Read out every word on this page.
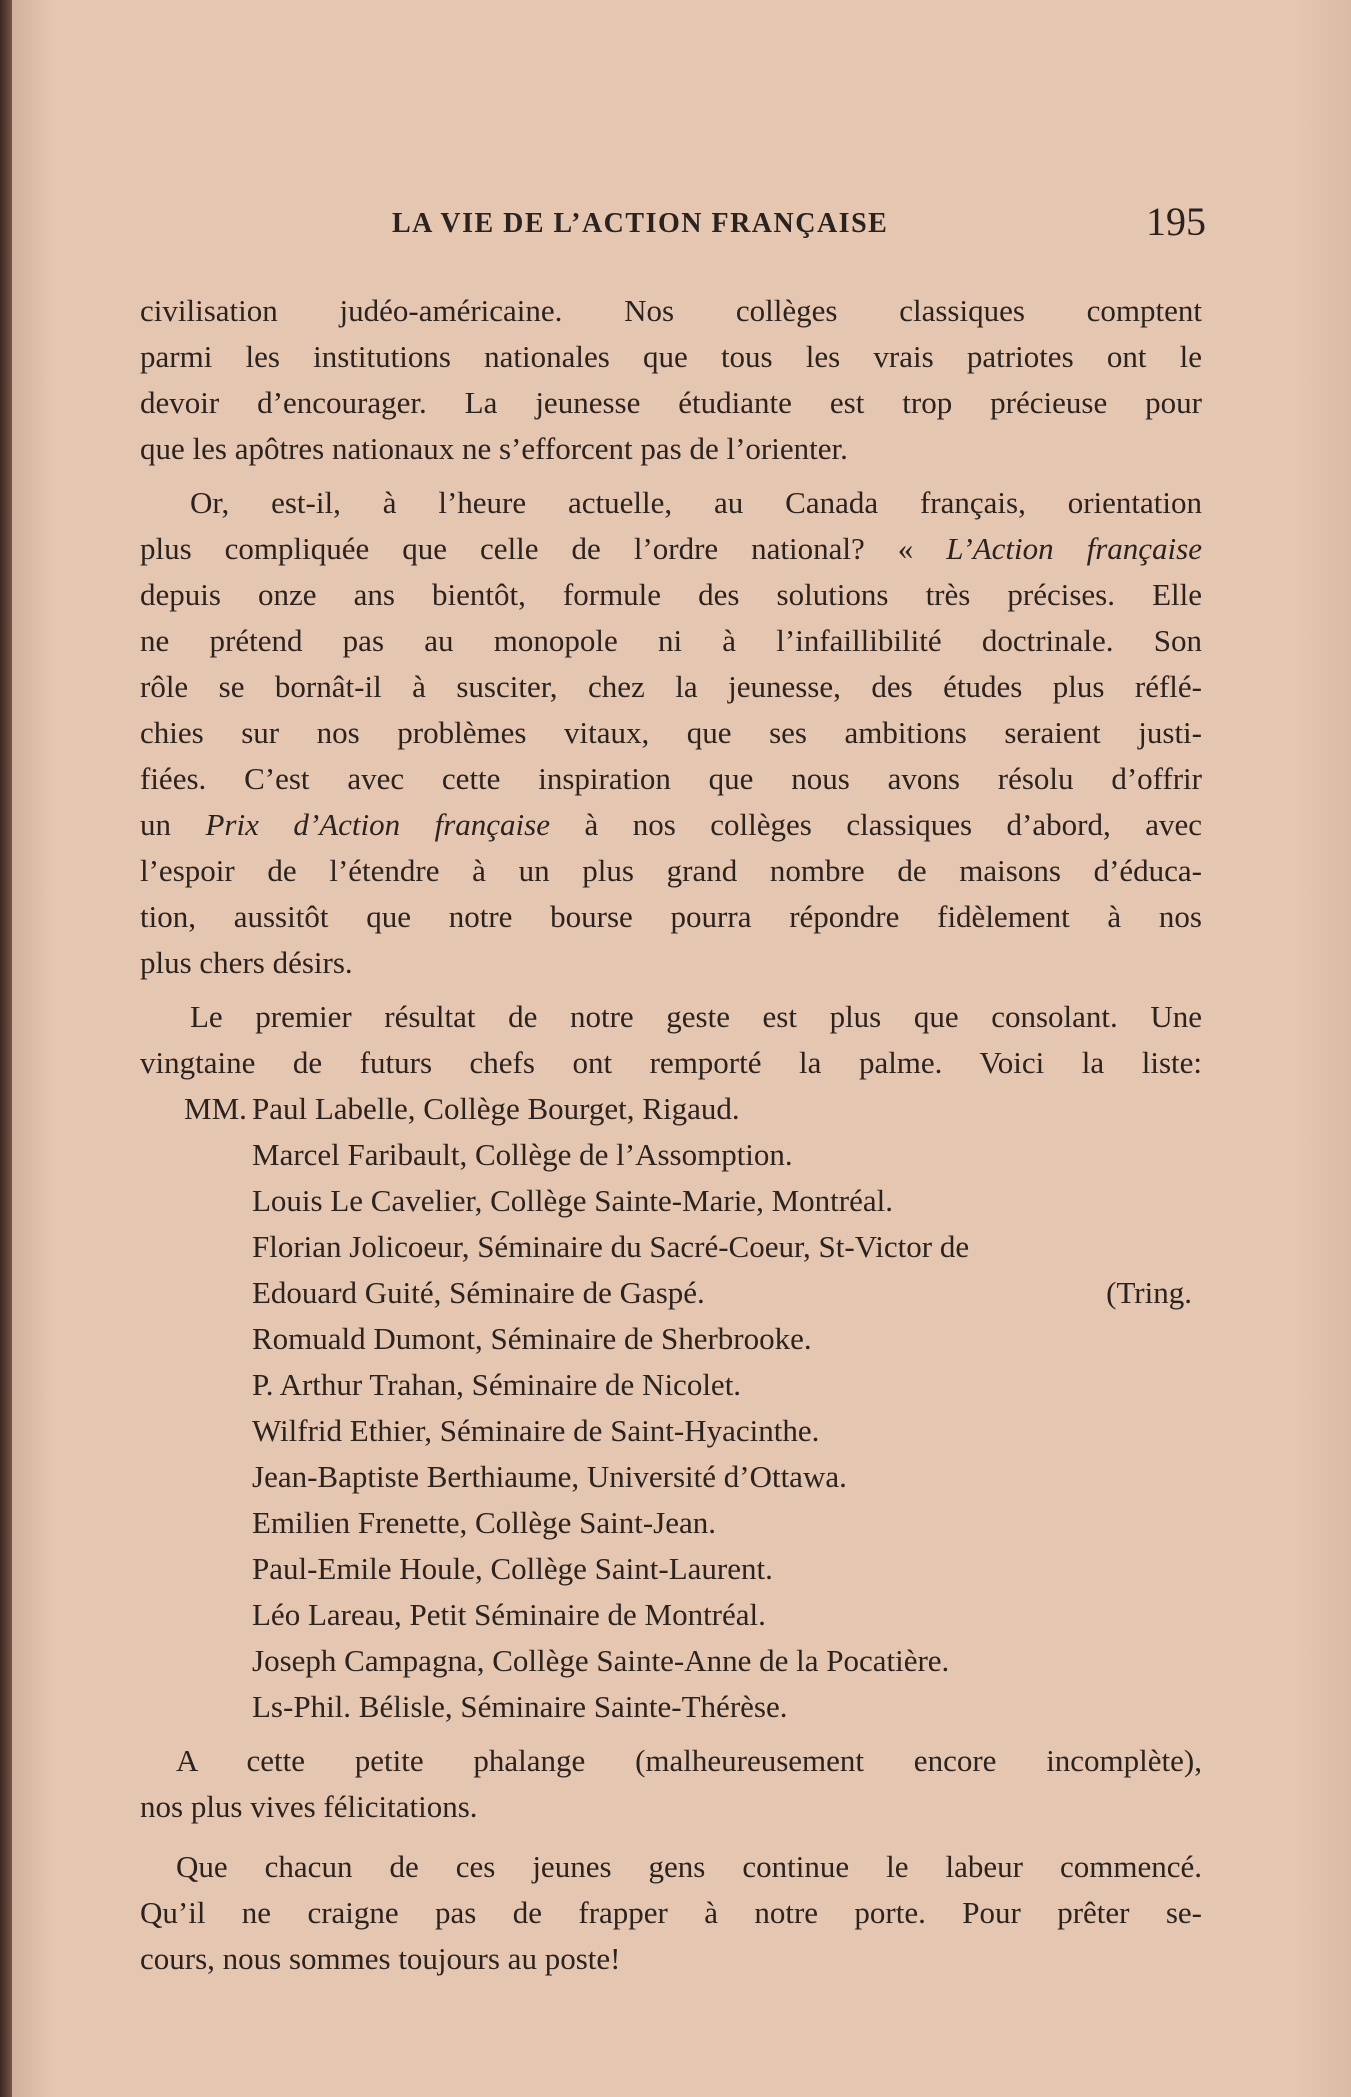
LA VIE DE L’ACTION FRANÇAISE	195
civilisation judéo-américaine. Nos collèges classiques comptent
parmi les institutions nationales que tous les vrais patriotes ont le
devoir d’encourager. La jeunesse étudiante est trop précieuse pour
que les apôtres nationaux ne s’efforcent pas de l’orienter.
Or, est-il, à l’heure actuelle, au Canada français, orientation
plus compliquée que celle de l’ordre national? « L’Action française
depuis onze ans bientôt, formule des solutions très précises. Elle
ne prétend pas au monopole ni à l’infaillibilité doctrinale. Son
rôle se bornât-il à susciter, chez la jeunesse, des études plus réflé-
chies sur nos problèmes vitaux, que ses ambitions seraient justi-
fiées. C’est avec cette inspiration que nous avons résolu d’offrir
un Prix d’Action française à nos collèges classiques d’abord, avec
l’espoir de l’étendre à un plus grand nombre de maisons d’éduca-
tion, aussitôt que notre bourse pourra répondre fidèlement à nos
plus chers désirs.
Le premier résultat de notre geste est plus que consolant. Une
vingtaine de futurs chefs ont remporté la palme. Voici la liste:
MM. Paul Labelle, Collège Bourget, Rigaud.
Marcel Faribault, Collège de l’Assomption.
Louis Le Cavelier, Collège Sainte-Marie, Montréal.
Florian Jolicoeur, Séminaire du Sacré-Coeur, St-Victor de
Edouard Guité, Séminaire de Gaspé.	(Tring.
Romuald Dumont, Séminaire de Sherbrooke.
P. Arthur Trahan, Séminaire de Nicolet.
Wilfrid Ethier, Séminaire de Saint-Hyacinthe.
Jean-Baptiste Berthiaume, Université d’Ottawa.
Emilien Frenette, Collège Saint-Jean.
Paul-Emile Houle, Collège Saint-Laurent.
Léo Lareau, Petit Séminaire de Montréal.
Joseph Campagna, Collège Sainte-Anne de la Pocatière.
Ls-Phil. Bélisle, Séminaire Sainte-Thérèse.
A cette petite phalange (malheureusement encore incomplète),
nos plus vives félicitations.
Que chacun de ces jeunes gens continue le labeur commencé.
Qu’il ne craigne pas de frapper à notre porte. Pour prêter se-
cours, nous sommes toujours au poste!
